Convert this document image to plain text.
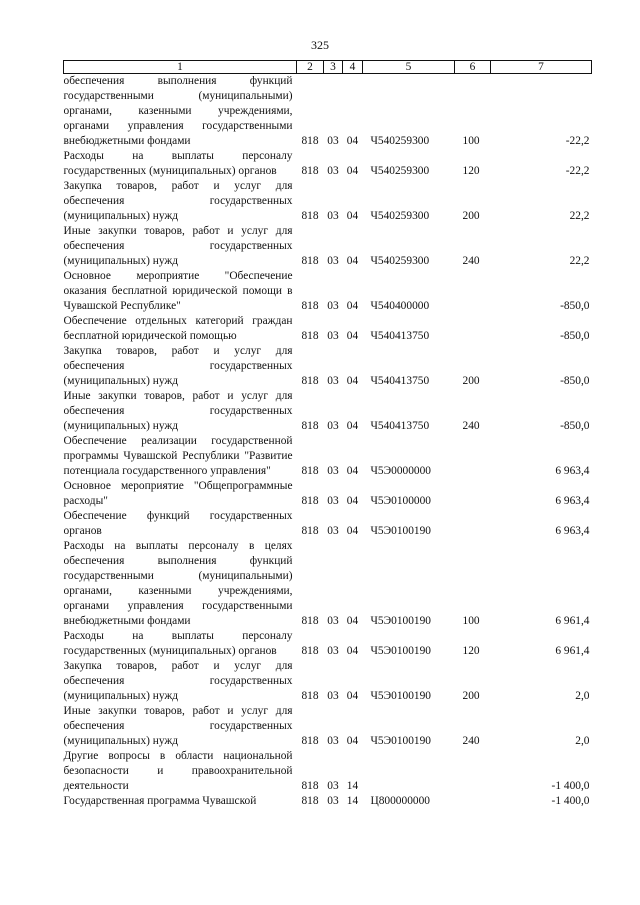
325
1	2	3	4	5	6	7
обеспечения выполнения функций государственными (муниципальными) органами, казенными учреждениями, органами управления государственными внебюджетными фондами	818	03	04	Ч540259300	100	-22,2
Расходы на выплаты персоналу государственных (муниципальных) органов	818	03	04	Ч540259300	120	-22,2
Закупка товаров, работ и услуг для обеспечения государственных (муниципальных) нужд	818	03	04	Ч540259300	200	22,2
Иные закупки товаров, работ и услуг для обеспечения государственных (муниципальных) нужд	818	03	04	Ч540259300	240	22,2
Основное мероприятие "Обеспечение оказания бесплатной юридической помощи в Чувашской Республике"	818	03	04	Ч540400000		-850,0
Обеспечение отдельных категорий граждан бесплатной юридической помощью	818	03	04	Ч540413750		-850,0
Закупка товаров, работ и услуг для обеспечения государственных (муниципальных) нужд	818	03	04	Ч540413750	200	-850,0
Иные закупки товаров, работ и услуг для обеспечения государственных (муниципальных) нужд	818	03	04	Ч540413750	240	-850,0
Обеспечение реализации государственной программы Чувашской Республики "Развитие потенциала государственного управления"	818	03	04	Ч5Э0000000		6 963,4
Основное мероприятие "Общепрограммные расходы"	818	03	04	Ч5Э0100000		6 963,4
Обеспечение функций государственных органов	818	03	04	Ч5Э0100190		6 963,4
Расходы на выплаты персоналу в целях обеспечения выполнения функций государственными (муниципальными) органами, казенными учреждениями, органами управления государственными внебюджетными фондами	818	03	04	Ч5Э0100190	100	6 961,4
Расходы на выплаты персоналу государственных (муниципальных) органов	818	03	04	Ч5Э0100190	120	6 961,4
Закупка товаров, работ и услуг для обеспечения государственных (муниципальных) нужд	818	03	04	Ч5Э0100190	200	2,0
Иные закупки товаров, работ и услуг для обеспечения государственных (муниципальных) нужд	818	03	04	Ч5Э0100190	240	2,0
Другие вопросы в области национальной безопасности и правоохранительной деятельности	818	03	14			-1 400,0
Государственная программа Чувашской	818	03	14	Ц800000000		-1 400,0
